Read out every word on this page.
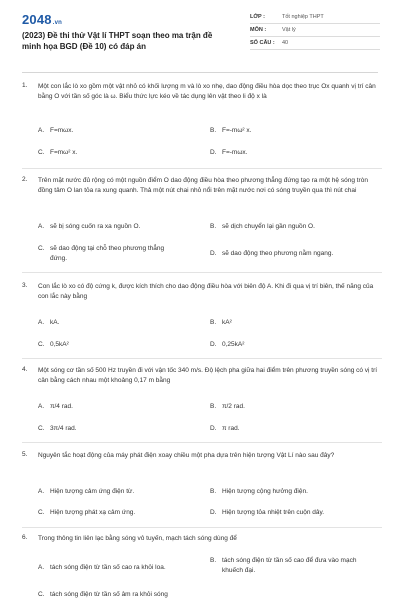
2048.vn
(2023) Đề thi thử Vật lí THPT soạn theo ma trận đề minh họa BGD (Đề 10) có đáp án
LỚP :	Tốt nghiệp THPT
MÔN :	Vật lý
SỐ CÂU :	40
1. Một con lắc lò xo gồm một vật nhỏ có khối lượng m và lò xo nhẹ, dao động điều hòa dọc theo trục Ox quanh vị trí cân bằng O với tần số góc là ω. Biểu thức lực kéo về tác dụng lên vật theo li độ x là
A. F=mωx.	B. F=-mω² x.
C. F=mω² x.	D. F=-mωx.
2. Trên mặt nước đủ rộng có một nguồn điểm O dao động điều hòa theo phương thẳng đứng tạo ra một hệ sóng tròn đồng tâm O lan tỏa ra xung quanh. Thả một nút chai nhỏ nổi trên mặt nước nơi có sóng truyền qua thì nút chai
A. sẽ bị sóng cuốn ra xa nguồn O.	B. sẽ dịch chuyển lại gần nguồn O.
C. sẽ dao động tại chỗ theo phương thẳng đứng.
D. sẽ dao động theo phương nằm ngang.
3. Con lắc lò xo có độ cứng k, được kích thích cho dao động điều hòa với biên độ A. Khi đi qua vị trí biên, thế năng của con lắc này bằng
A. kA.	B. kA²
C. 0,5kA²	D. 0,25kA²
4. Một sóng cơ tần số 500 Hz truyền đi với vận tốc 340 m/s. Độ lệch pha giữa hai điểm trên phương truyền sóng có vị trí cân bằng cách nhau một khoảng 0,17 m bằng
A. π/4 rad.	B. π/2 rad.
C. 3π/4 rad.	D. π rad.
5. Nguyên tắc hoạt động của máy phát điện xoay chiều một pha dựa trên hiện tượng Vật Lí nào sau đây?
A. Hiện tượng cảm ứng điện từ.	B. Hiện tượng cộng hưởng điện.
C. Hiện tượng phát xạ cảm ứng.	D. Hiện tượng tỏa nhiệt trên cuộn dây.
6. Trong thông tin liên lạc bằng sóng vô tuyến, mạch tách sóng dùng để
A. tách sóng điện từ tần số cao ra khỏi loa.
B. tách sóng điện từ tần số cao để đưa vào mạch khuếch đại.
C. tách sóng điện từ tần số âm ra khỏi sóng
